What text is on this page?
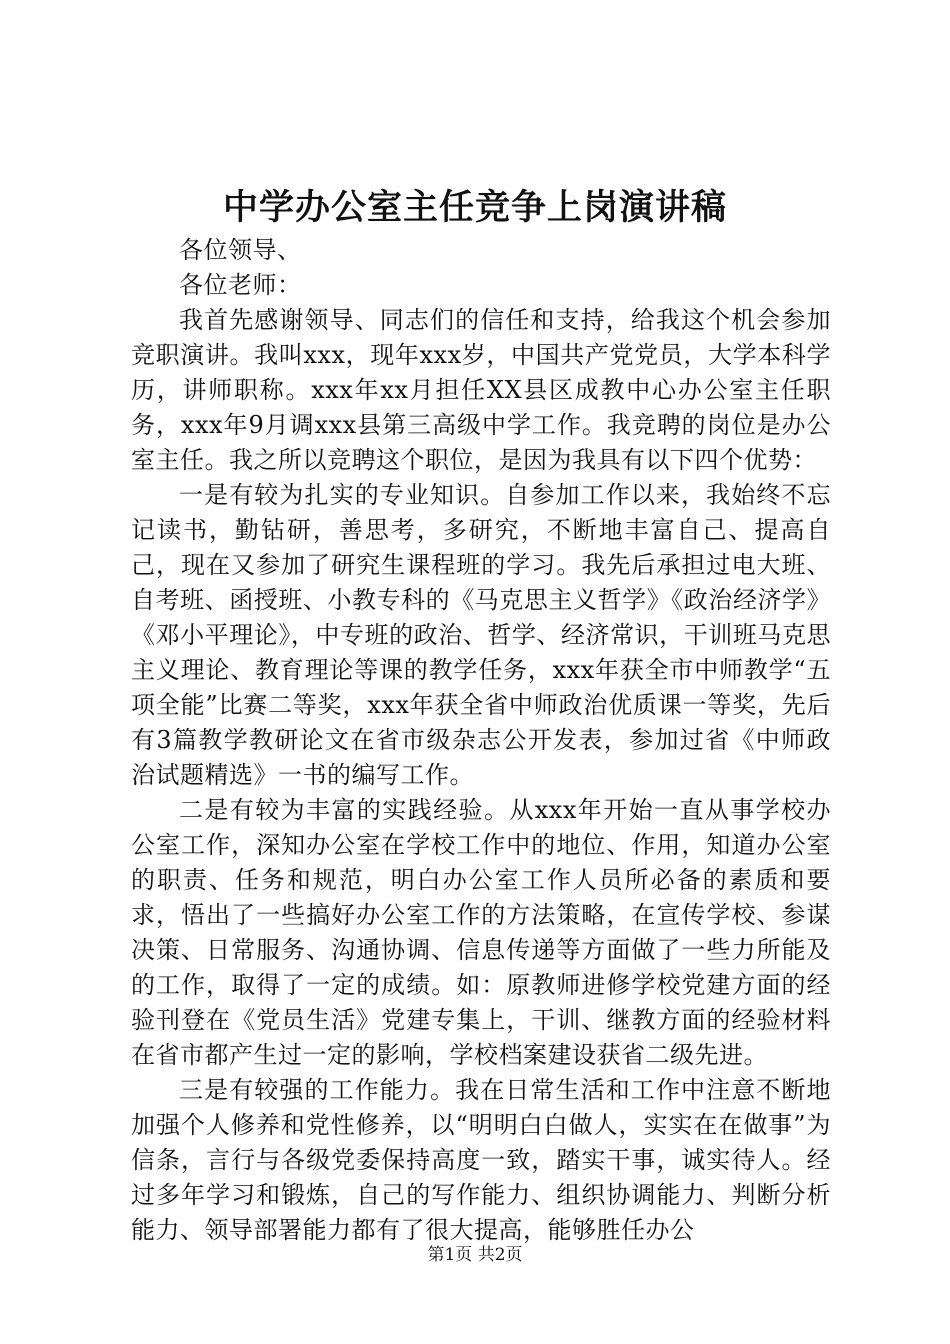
中学办公室主任竞争上岗演讲稿

各位领导、

各位老师：

我首先感谢领导、同志们的信任和支持，给我这个机会参加竞职演讲。我叫xxx，现年xxx岁，中国共产党党员，大学本科学历，讲师职称。xxx年xx月担任XX县区成教中心办公室主任职务，xxx年9月调xxx县第三高级中学工作。我竞聘的岗位是办公室主任。我之所以竞聘这个职位，是因为我具有以下四个优势：

一是有较为扎实的专业知识。自参加工作以来，我始终不忘记读书，勤钻研，善思考，多研究，不断地丰富自己、提高自己，现在又参加了研究生课程班的学习。我先后承担过电大班、自考班、函授班、小教专科的《马克思主义哲学》《政治经济学》《邓小平理论》，中专班的政治、哲学、经济常识，干训班马克思主义理论、教育理论等课的教学任务，xxx年获全市中师教学“五项全能”比赛二等奖，xxx年获全省中师政治优质课一等奖，先后有3篇教学教研论文在省市级杂志公开发表，参加过省《中师政治试题精选》一书的编写工作。

二是有较为丰富的实践经验。从xxx年开始一直从事学校办公室工作，深知办公室在学校工作中的地位、作用，知道办公室的职责、任务和规范，明白办公室工作人员所必备的素质和要求，悟出了一些搞好办公室工作的方法策略，在宣传学校、参谋决策、日常服务、沟通协调、信息传递等方面做了一些力所能及的工作，取得了一定的成绩。如：原教师进修学校党建方面的经验刊登在《党员生活》党建专集上，干训、继教方面的经验材料在省市都产生过一定的影响，学校档案建设获省二级先进。

三是有较强的工作能力。我在日常生活和工作中注意不断地加强个人修养和党性修养，以“明明白白做人，实实在在做事”为信条，言行与各级党委保持高度一致，踏实干事，诚实待人。经过多年学习和锻炼，自己的写作能力、组织协调能力、判断分析能力、领导部署能力都有了很大提高，能够胜任办公

第1页 共2页
